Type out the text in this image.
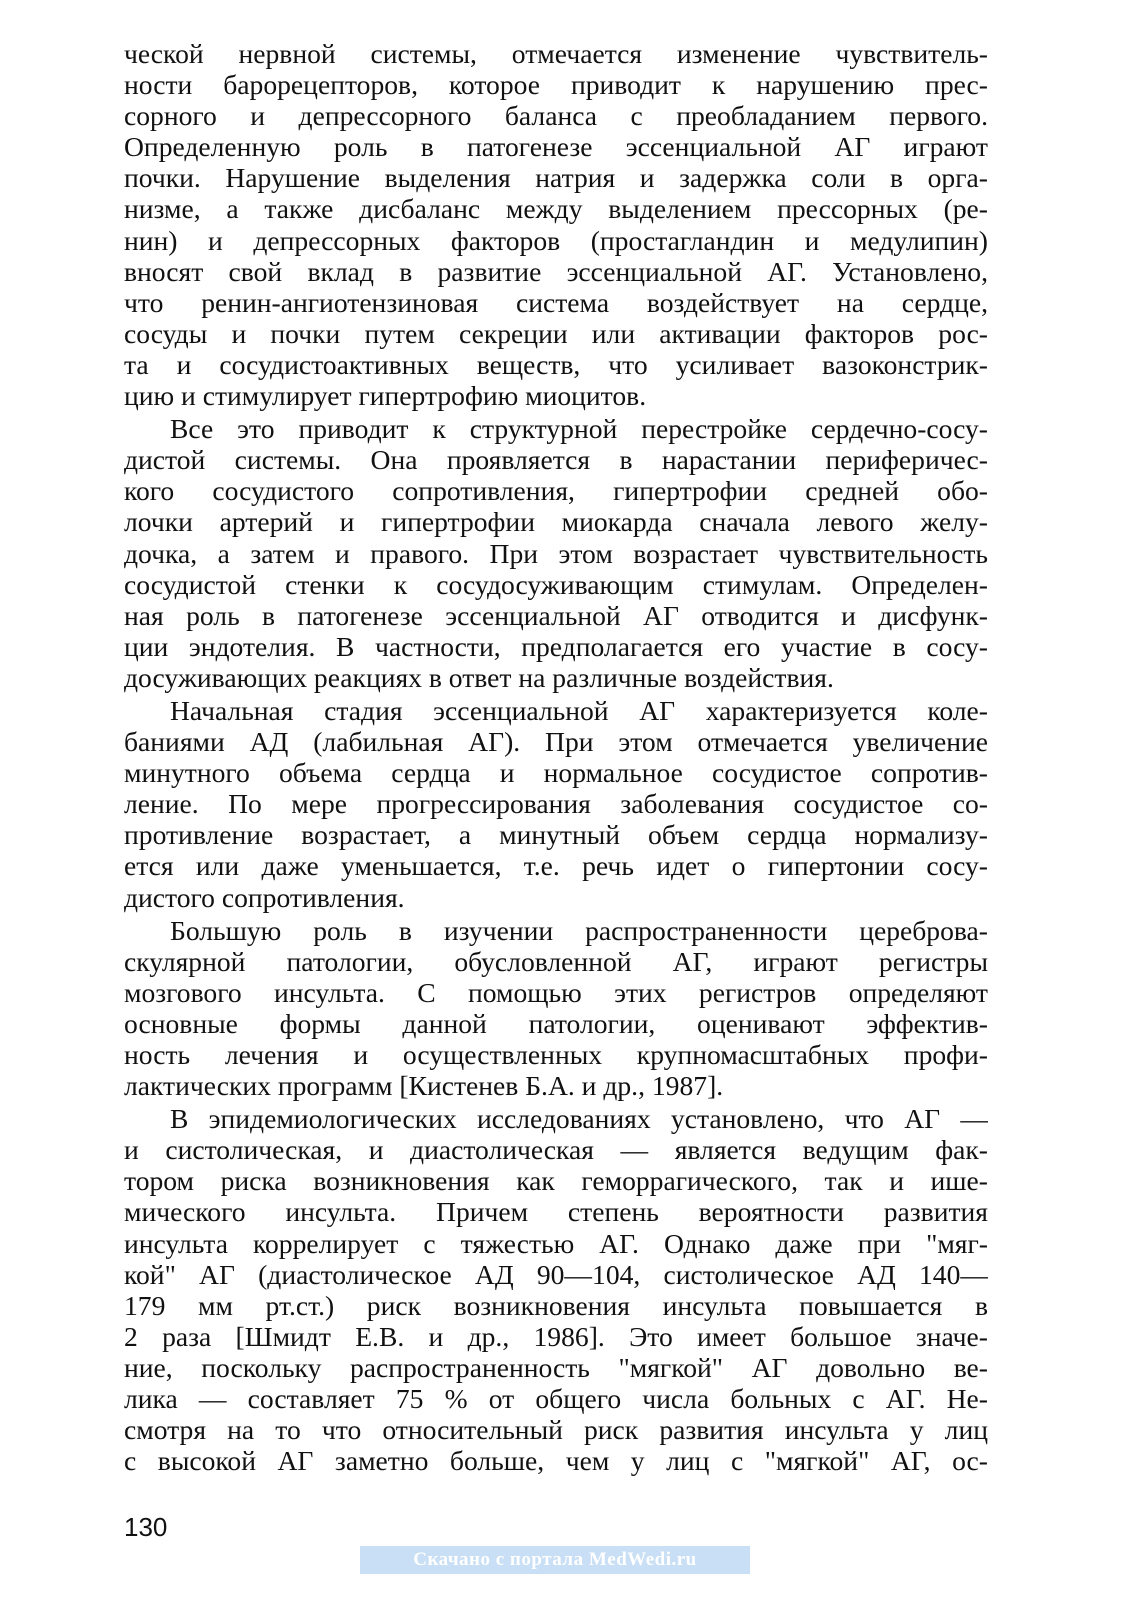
ческой нервной системы, отмечается изменение чувствитель-
ности барорецепторов, которое приводит к нарушению прес-
сорного и депрессорного баланса с преобладанием первого.
Определенную роль в патогенезе эссенциальной АГ играют
почки. Нарушение выделения натрия и задержка соли в орга-
низме, а также дисбаланс между выделением прессорных (ре-
нин) и депрессорных факторов (простагландин и медулипин)
вносят свой вклад в развитие эссенциальной АГ. Установлено,
что ренин-ангиотензиновая система воздействует на сердце,
сосуды и почки путем секреции или активации факторов рос-
та и сосудистоактивных веществ, что усиливает вазоконстрик-
цию и стимулирует гипертрофию миоцитов.
Все это приводит к структурной перестройке сердечно-сосу-
дистой системы. Она проявляется в нарастании периферичес-
кого сосудистого сопротивления, гипертрофии средней обо-
лочки артерий и гипертрофии миокарда сначала левого желу-
дочка, а затем и правого. При этом возрастает чувствительность
сосудистой стенки к сосудосуживающим стимулам. Определен-
ная роль в патогенезе эссенциальной АГ отводится и дисфунк-
ции эндотелия. В частности, предполагается его участие в сосу-
досуживающих реакциях в ответ на различные воздействия.
Начальная стадия эссенциальной АГ характеризуется коле-
баниями АД (лабильная АГ). При этом отмечается увеличение
минутного объема сердца и нормальное сосудистое сопротив-
ление. По мере прогрессирования заболевания сосудистое со-
противление возрастает, а минутный объем сердца нормализу-
ется или даже уменьшается, т.е. речь идет о гипертонии сосу-
дистого сопротивления.
Большую роль в изучении распространенности цереброва-
скулярной патологии, обусловленной АГ, играют регистры
мозгового инсульта. С помощью этих регистров определяют
основные формы данной патологии, оценивают эффектив-
ность лечения и осуществленных крупномасштабных профи-
лактических программ [Кистенев Б.А. и др., 1987].
В эпидемиологических исследованиях установлено, что АГ —
и систолическая, и диастолическая — является ведущим фак-
тором риска возникновения как геморрагического, так и ише-
мического инсульта. Причем степень вероятности развития
инсульта коррелирует с тяжестью АГ. Однако даже при "мяг-
кой" АГ (диастолическое АД 90—104, систолическое АД 140—
179 мм рт.ст.) риск возникновения инсульта повышается в
2 раза [Шмидт Е.В. и др., 1986]. Это имеет большое значе-
ние, поскольку распространенность "мягкой" АГ довольно ве-
лика — составляет 75 % от общего числа больных с АГ. Не-
смотря на то что относительный риск развития инсульта у лиц
с высокой АГ заметно больше, чем у лиц с "мягкой" АГ, ос-
130
Скачано с портала MedWedi.ru
